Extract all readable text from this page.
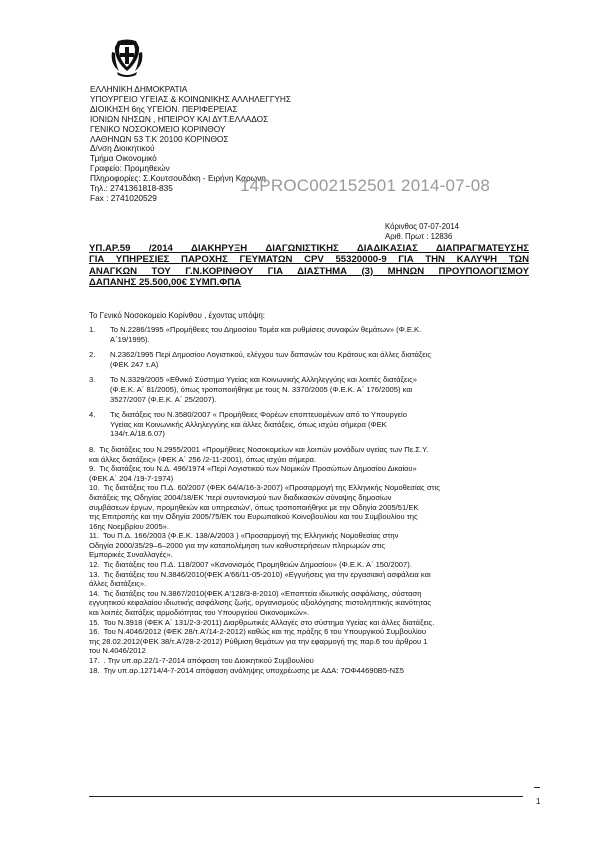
ΕΛΛΗΝΙΚΗ ΔΗΜΟΚΡΑΤΙΑ
ΥΠΟΥΡΓΕΙΟ ΥΓΕΙΑΣ & ΚΟΙΝΩΝΙΚΗΣ ΑΛΛΗΛΕΓΓΥΗΣ
ΔΙΟΙΚΗΣΗ 6ης ΥΓΕΙΟΝ. ΠΕΡΙΦΕΡΕΙΑΣ
ΙΟΝΙΩΝ ΝΗΣΩΝ , ΗΠΕΙΡΟΥ ΚΑΙ ΔΥΤ.ΕΛΛΑΔΟΣ
ΓΕΝΙΚΟ ΝΟΣΟΚΟΜΕΙΟ ΚΟΡΙΝΘΟΥ
ΛΑΘΗΝΩΝ 53 Τ.Κ 20100 ΚΟΡΙΝΘΟΣ
Δ/νση Διοικητικού
Τμήμα Οικονομικό
Γραφείο: Προμηθειών
Πληροφορίες: Σ.Κουτσουδάκη - Ειρήνη Καρωνη
Τηλ.: 2741361818-835
Fax : 2741020529
14PROC002152501 2014-07-08
Κόρινθος 07-07-2014
Αριθ. Πρωτ : 12836
ΥΠ.ΑΡ.59 /2014 ΔΙΑΚΗΡΥΞΗ ΔΙΑΓΩΝΙΣΤΙΚΗΣ ΔΙΑΔΙΚΑΣΙΑΣ ΔΙΑΠΡΑΓΜΑΤΕΥΣΗΣ
ΓΙΑ ΥΠΗΡΕΣΙΕΣ ΠΑΡΟΧΗΣ ΓΕΥΜΑΤΩΝ CPV 55320000-9 ΓΙΑ ΤΗΝ ΚΑΛΥΨΗ ΤΩΝ
ΑΝΑΓΚΩΝ ΤΟΥ Γ.Ν.ΚΟΡΙΝΘΟΥ ΓΙΑ ΔΙΑΣΤΗΜΑ (3) ΜΗΝΩΝ ΠΡΟΥΠΟΛΟΓΙΣΜΟΥ
ΔΑΠΑΝΗΣ 25.500,00€ ΣΥΜΠ.ΦΠΑ
Το Γενικό Νοσοκομείο Κορίνθου , έχοντας υπόψη:
1. Το Ν.2286/1995 «Προμήθειες του Δημοσίου Τομέα και ρυθμίσεις συναφών θεμάτων» (Φ.Ε.Κ.
Α΄19/1995).
2. Ν.2362/1995 Περί Δημοσίου Λογιστικού, ελέγχου των δαπανών του Κράτους και άλλες διατάξεις
(ΦΕΚ 247 τ.Α)
3. Το Ν.3329/2005 «Εθνικό Σύστημα Υγείας και Κοινωνικής Αλληλεγγύης και λοιπές διατάξεις»
(Φ.Ε.Κ. Α΄ 81/2005), όπως τροποποιήθηκε με τους Ν. 3370/2005 (Φ.Ε.Κ. Α΄ 176/2005) και
3527/2007 (Φ.Ε.Κ. Α΄ 25/2007).
4. Τις διατάξεις του Ν.3580/2007 « Προμήθειες Φορέων εποπτευομένων από το Υπουργείο
Υγείας και Κοινωνικής Αλληλεγγύης και άλλες διατάξεις, όπως ισχύει σήμερα (ΦΕΚ
134/τ.Α/18.6.07)
8. Τις διατάξεις του Ν.2955/2001 «Προμήθειες Νοσοκομείων και λοιπών μονάδων υγείας των Πε.Σ.Υ.
και άλλες διατάξεις» (ΦΕΚ Α΄ 256 /2-11-2001), όπως ισχύει σήμερα.
9. Τις διατάξεις του Ν.Δ. 496/1974 «Περί Λογιστικού των Νομικών Προσώπων Δημοσίου Δικαίου»
(ΦΕΚ Α΄ 204 /19-7-1974)
10. Τις διατάξεις του Π.Δ. 60/2007 (ΦΕΚ 64/Α/16-3-2007) «Προσαρμογή της Ελληνικής Νομοθεσίας στις
διατάξεις της Οδηγίας 2004/18/ΕΚ 'περί συντονισμού των διαδικασιών σύναψης δημοσίων
συμβάσεων έργων, προμηθειών και υπηρεσιών', όπως τροποποιήθηκε με την Οδηγία 2005/51/ΕΚ
της Επιτροπής και την Οδηγία 2005/75/ΕΚ του Ευρωπαϊκού Κοινοβουλίου και του Συμβουλίου της
16ης Νοεμβρίου 2005».
11. Του Π.Δ. 166/2003 (Φ.Ε.Κ. 138/Α/2003 ) «Προσαρμογή της Ελληνικής Νομοθεσίας στην
Οδηγία 2000/35/29–6–2000 για την καταπολέμηση των καθυστερήσεων πληρωμών στις
Εμπορικές Συναλλαγές».
12. Τις διατάξεις του Π.Δ. 118/2007 «Κανονισμός Προμηθειών Δημοσίου» (Φ.Ε.Κ. Α΄ 150/2007).
13. Τις διατάξεις του Ν.3846/2010(ΦΕΚ Α'66/11-05-2010) «Εγγυήσεις για την εργασιακή ασφάλεια και
άλλες διατάξεις».
14. Τις διατάξεις του Ν.3867/2010(ΦΕΚ Α'128/3-8-2010) «Εποπτεία ιδιωτικής ασφάλισης, σύσταση
εγγυητικού κεφαλαίου ιδιωτικής ασφάλισης ζωής, οργανισμούς αξιολόγησης πιστοληπτικής ικανότητας
και λοιπές διατάξεις αρμοδιότητας του Υπουργείου Οικονομικών».
15. Του Ν.3918 (ΦΕΚ Α΄ 131/2-3-2011) Διαρθρωτικές Αλλαγές στο σύστημα Υγείας και άλλες διατάξεις.
16. Του Ν.4046/2012 (ΦΕΚ 28/τ.Α'/14-2-2012) καθώς και της πράξης 6 του Υπουργικού Συμβουλίου
της 28.02.2012(ΦΕΚ 38/τ.Α'/28-2-2012) Ρύθμιση θεμάτων για την εφαρμογή της παρ.6 του άρθρου 1
του Ν.4046/2012
17. . Την υπ.αρ.22/1-7-2014 απόφαση του Διοικητικού Συμβουλίου
18. Την υπ.αρ.12714/4-7-2014 απόφαση ανάληψης υποχρέωσης με ΑΔΑ: 7ΟΦ44690Β5-ΝΣ5
1
